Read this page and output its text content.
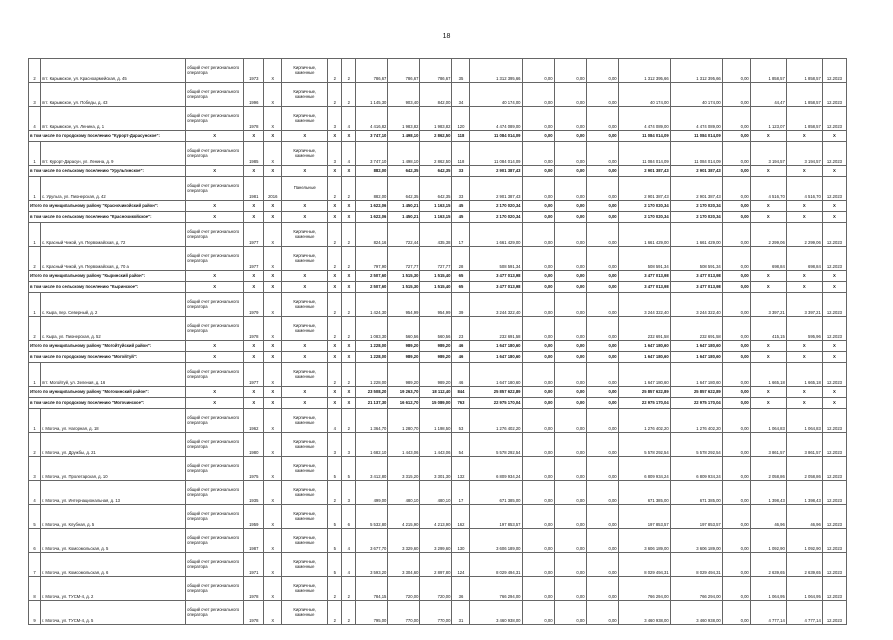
18
2	пгт. Карымское, ул. Красноармейская, д. 45	общий счет регионального оператора	1973	Х	Кирпичные, каменные	2	2	786,67	786,67	786,67	35	1 312 395,66	0,00	0,00	0,00	1 312 395,66	1 312 395,66	0,00	1 858,57	1 858,57	12.2023
3	пгт. Карымское, ул. Победы, д. 43	общий счет регионального оператора	1996	Х	Кирпичные, каменные	2	2	1 145,30	903,40	842,00	34	40 174,00	0,00	0,00	0,00	40 174,00	40 174,00	0,00	44,47	1 858,57	12.2023
4	пгт. Карымское, ул. Ленина, д. 1	общий счет регионального оператора	1978	Х	Кирпичные, каменные	3	4	4 416,82	1 983,82	1 983,82	120	4 474 089,00	0,00	0,00	0,00	4 474 089,00	4 474 089,00	0,00	1 123,07	1 858,57	12.2023
в том числе по городскому поселению "Курорт-Дарасунское":		Х	Х	Х	Х	Х	Х	3 747,10	1 498,10	2 862,50	118	11 084 014,09	0,00	0,00	0,00	11 084 014,09	11 084 014,09	0,00	Х	Х	Х
1	пгт. Курорт-Дарасун, ул. Ленина, д. 9	общий счет регионального оператора	1985	Х	Кирпичные, каменные	3	4	3 747,10	1 498,10	2 862,50	118	11 084 014,09	0,00	0,00	0,00	11 084 014,09	11 084 014,09	0,00	3 194,57	3 194,57	12.2023
в том числе по сельскому поселению "Урульгинское":		Х	Х	Х	Х	Х	Х	882,00	642,35	642,35	33	2 901 387,43	0,00	0,00	0,00	2 901 387,43	2 901 387,43	0,00	Х	Х	Х
1	с. Урульга, ул. Пионерская, д. 42	общий счет регионального оператора	1981	2016	Панельные	2	2	882,00	642,35	642,35	33	2 901 387,43	0,00	0,00	0,00	2 901 387,43	2 901 387,43	0,00	4 516,70	4 516,70	12.2023
Итого по муниципальному району "Красночикойский район":		Х	Х	Х	Х	Х	Х	1 622,06	1 450,21	1 163,15	45	2 170 020,34	0,00	0,00	0,00	2 170 020,34	2 170 020,34	0,00	Х	Х	Х
в том числе по сельскому поселению "Красночикойское":		Х	Х	Х	Х	Х	Х	1 622,06	1 450,21	1 163,15	45	2 170 020,34	0,00	0,00	0,00	2 170 020,34	2 170 020,34	0,00	Х	Х	Х
1	с. Красный Чикой, ул. Первомайская, д. 72	общий счет регионального оператора	1977	Х	Кирпичные, каменные	2	2	824,16	722,44	435,38	17	1 661 429,00	0,00	0,00	0,00	1 661 429,00	1 661 429,00	0,00	2 299,06	2 299,06	12.2023
2	с. Красный Чикой, ул. Первомайская, д. 70 а	общий счет регионального оператора	1977	Х	Кирпичные, каменные	2	2	797,90	727,77	727,77	28	508 591,34	0,00	0,00	0,00	508 591,34	508 591,34	0,00	698,84	698,84	12.2023
Итого по муниципальному району "Кыринский район":		Х	Х	Х	Х	Х	Х	2 507,60	1 515,30	1 515,40	65	3 477 013,98	0,00	0,00	0,00	3 477 013,98	3 477 013,98	0,00	Х	Х	Х
в том числе по сельскому поселению "Кыринское":		Х	Х	Х	Х	Х	Х	2 507,60	1 515,30	1 515,40	65	3 477 013,98	0,00	0,00	0,00	3 477 013,98	3 477 013,98	0,00	Х	Х	Х
1	с. Кыра, пер. Северный, д. 2	общий счет регионального оператора	1979	Х	Кирпичные, каменные	2	2	1 424,30	954,99	954,99	39	3 244 322,40	0,00	0,00	0,00	3 244 322,40	3 244 322,40	0,00	3 397,21	3 397,21	12.2023
2	с. Кыра, ул. Пионерская, д. 52	общий счет регионального оператора	1978	Х	Кирпичные, каменные	2	2	1 083,30	560,56	560,56	23	232 691,58	0,00	0,00	0,00	232 691,58	232 691,58	0,00	415,15	595,96	12.2023
Итого по муниципальному району "Могойтуйский район":		Х	Х	Х	Х	Х	Х	1 228,00	989,20	989,20	46	1 647 180,60	0,00	0,00	0,00	1 647 180,60	1 647 180,60	0,00	Х	Х	Х
в том числе по городскому поселению "Могойтуй":		Х	Х	Х	Х	Х	Х	1 228,00	989,20	989,20	46	1 647 180,60	0,00	0,00	0,00	1 647 180,60	1 647 180,60	0,00	Х	Х	Х
1	пгт. Могойтуй, ул. Зеленая, д. 16	общий счет регионального оператора	1977	Х	Кирпичные, каменные	2	2	1 228,00	989,20	989,20	46	1 647 180,60	0,00	0,00	0,00	1 647 180,60	1 647 180,60	0,00	1 665,18	1 665,18	12.2023
Итого по муниципальному району "Могочинский район":		Х	Х	Х	Х	Х	Х	23 508,20	19 263,70	18 112,40	844	25 857 622,89	0,00	0,00	0,00	25 857 622,89	25 857 622,89	0,00	Х	Х	Х
в том числе по городскому поселению "Могочинское":		Х	Х	Х	Х	Х	Х	21 137,30	16 612,70	15 089,00	763	22 975 170,04	0,00	0,00	0,00	22 975 170,04	22 975 170,04	0,00	Х	Х	Х
1	г. Могоча, ул. Нагорная, д. 18	общий счет регионального оператора	1962	Х	Кирпичные, каменные	4	2	1 364,70	1 280,70	1 198,50	53	1 276 402,20	0,00	0,00	0,00	1 276 402,20	1 276 402,20	0,00	1 064,83	1 064,83	12.2023
2	г. Могоча, ул. Дружбы, д. 21	общий счет регионального оператора	1980	Х	Кирпичные, каменные	3	3	1 682,10	1 443,06	1 443,06	54	5 578 292,54	0,00	0,00	0,00	5 578 292,54	5 578 292,54	0,00	3 861,57	3 861,57	12.2023
3	г. Могоча, ул. Пролетарская, д. 10	общий счет регионального оператора	1975	Х	Кирпичные, каменные	5	5	3 412,80	3 315,20	3 301,30	132	6 809 934,24	0,00	0,00	0,00	6 809 934,24	6 809 934,24	0,00	2 058,86	2 058,86	12.2023
4	г. Могоча, ул. Интернациональная, д. 13	общий счет регионального оператора	1935	Х	Кирпичные, каменные	2	3	499,00	480,10	480,10	17	671 385,00	0,00	0,00	0,00	671 385,00	671 385,00	0,00	1 398,43	1 398,43	12.2023
5	г. Могоча, ул. Клубная, д. 5	общий счет регионального оператора	1959	Х	Кирпичные, каменные	5	6	5 532,80	4 215,90	4 213,90	162	197 853,57	0,00	0,00	0,00	197 853,57	197 853,57	0,00	46,96	46,96	12.2023
6	г. Могоча, ул. Комсомольская, д. 5	общий счет регионального оператора	1987	Х	Кирпичные, каменные	5	4	3 677,70	3 329,60	3 299,60	130	3 606 189,00	0,00	0,00	0,00	3 606 189,00	3 606 189,00	0,00	1 092,90	1 092,90	12.2023
7	г. Могоча, ул. Комсомольская, д. 6	общий счет регионального оператора	1971	Х	Кирпичные, каменные	5	4	3 593,20	3 304,60	2 897,80	124	8 029 494,31	0,00	0,00	0,00	8 029 494,31	8 029 494,31	0,00	2 639,65	2 639,65	12.2023
8	г. Могоча, ул. ТУСМ-4, д. 2	общий счет регионального оператора	1978	Х	Кирпичные, каменные	2	2	784,15	720,00	720,00	36	766 294,00	0,00	0,00	0,00	766 294,00	766 294,00	0,00	1 064,95	1 064,95	12.2023
9	г. Могоча, ул. ТУСМ-4, д. 5	общий счет регионального оператора	1978	Х	Кирпичные, каменные	2	2	795,00	770,00	770,00	31	3 460 938,00	0,00	0,00	0,00	3 460 938,00	3 460 938,00	0,00	4 777,14	4 777,14	12.2023
